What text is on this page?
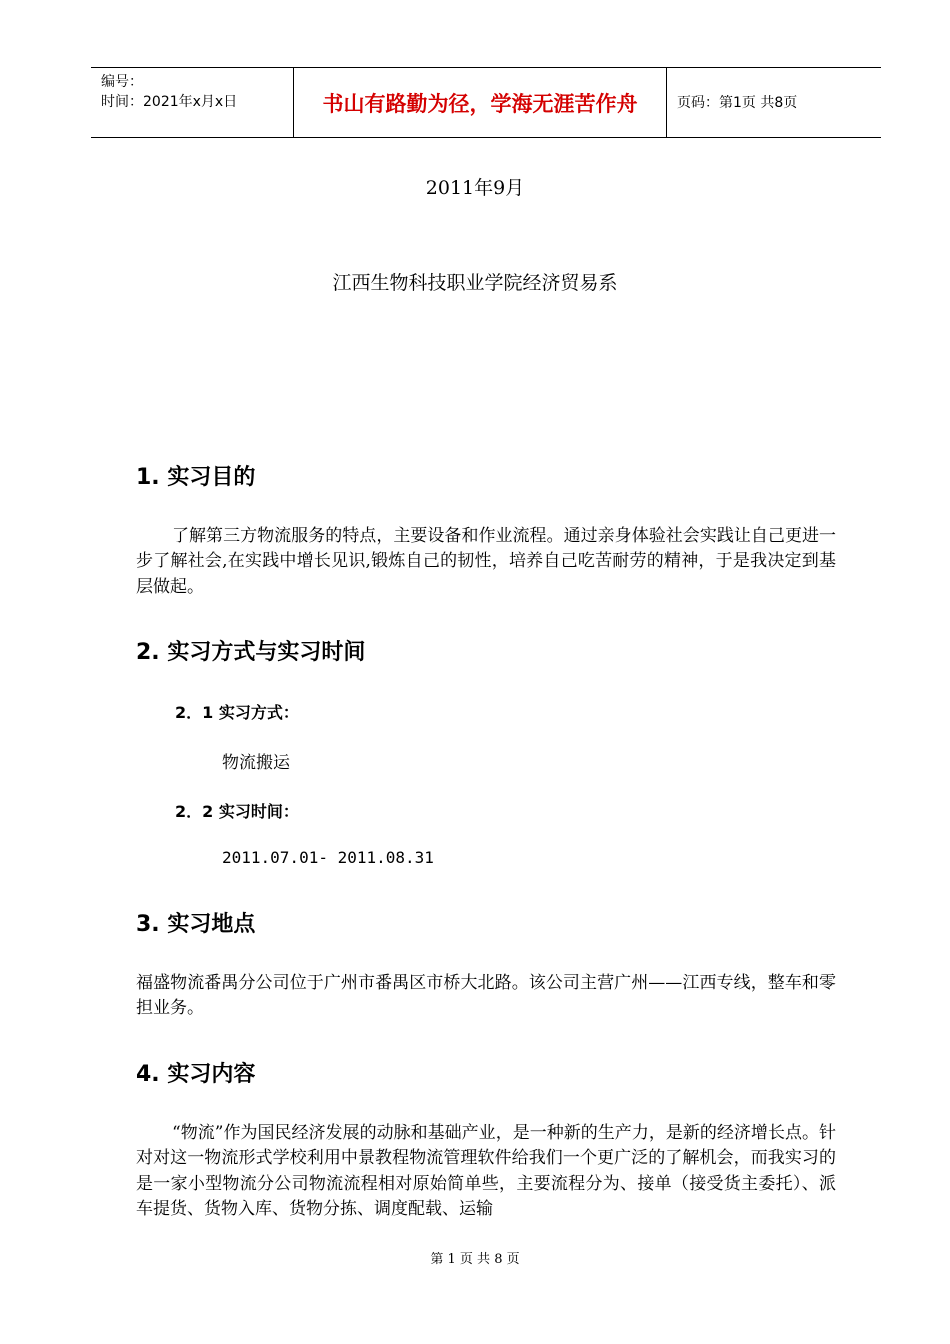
编号：
时间：2021年x月x日	书山有路勤为径，学海无涯苦作舟	页码：第1页 共8页
2011年9月
江西生物科技职业学院经济贸易系
1. 实习目的
了解第三方物流服务的特点，主要设备和作业流程。通过亲身体验社会实践让自己更进一步了解社会,在实践中增长见识,锻炼自己的韧性，培养自己吃苦耐劳的精神，于是我决定到基层做起。
2. 实习方式与实习时间
2．1 实习方式：
物流搬运
2．2 实习时间：
2011.07.01- 2011.08.31
3. 实习地点
福盛物流番禺分公司位于广州市番禺区市桥大北路。该公司主营广州——江西专线，整车和零担业务。
4. 实习内容
“物流”作为国民经济发展的动脉和基础产业，是一种新的生产力，是新的经济增长点。针对对这一物流形式学校利用中景教程物流管理软件给我们一个更广泛的了解机会，而我实习的是一家小型物流分公司物流流程相对原始简单些，主要流程分为、接单（接受货主委托）、派车提货、货物入库、货物分拣、调度配载、运输
第 1 页 共 8 页
